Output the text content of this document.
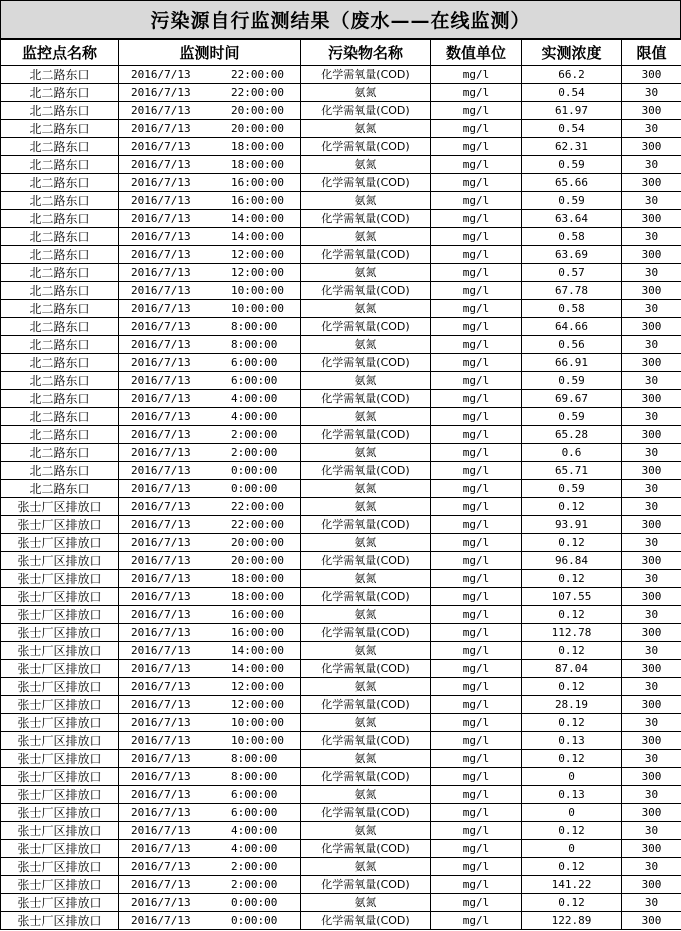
污染源自行监测结果（废水——在线监测）
监控点名称	监测时间	污染物名称	数值单位	实测浓度	限值
北二路东口	2016/7/13 22:00:00	化学需氧量(COD)	mg/l	66.2	300
北二路东口	2016/7/13 22:00:00	氨氮	mg/l	0.54	30
北二路东口	2016/7/13 20:00:00	化学需氧量(COD)	mg/l	61.97	300
北二路东口	2016/7/13 20:00:00	氨氮	mg/l	0.54	30
北二路东口	2016/7/13 18:00:00	化学需氧量(COD)	mg/l	62.31	300
北二路东口	2016/7/13 18:00:00	氨氮	mg/l	0.59	30
北二路东口	2016/7/13 16:00:00	化学需氧量(COD)	mg/l	65.66	300
北二路东口	2016/7/13 16:00:00	氨氮	mg/l	0.59	30
北二路东口	2016/7/13 14:00:00	化学需氧量(COD)	mg/l	63.64	300
北二路东口	2016/7/13 14:00:00	氨氮	mg/l	0.58	30
北二路东口	2016/7/13 12:00:00	化学需氧量(COD)	mg/l	63.69	300
北二路东口	2016/7/13 12:00:00	氨氮	mg/l	0.57	30
北二路东口	2016/7/13 10:00:00	化学需氧量(COD)	mg/l	67.78	300
北二路东口	2016/7/13 10:00:00	氨氮	mg/l	0.58	30
北二路东口	2016/7/13 8:00:00	化学需氧量(COD)	mg/l	64.66	300
北二路东口	2016/7/13 8:00:00	氨氮	mg/l	0.56	30
北二路东口	2016/7/13 6:00:00	化学需氧量(COD)	mg/l	66.91	300
北二路东口	2016/7/13 6:00:00	氨氮	mg/l	0.59	30
北二路东口	2016/7/13 4:00:00	化学需氧量(COD)	mg/l	69.67	300
北二路东口	2016/7/13 4:00:00	氨氮	mg/l	0.59	30
北二路东口	2016/7/13 2:00:00	化学需氧量(COD)	mg/l	65.28	300
北二路东口	2016/7/13 2:00:00	氨氮	mg/l	0.6	30
北二路东口	2016/7/13 0:00:00	化学需氧量(COD)	mg/l	65.71	300
北二路东口	2016/7/13 0:00:00	氨氮	mg/l	0.59	30
张士厂区排放口	2016/7/13 22:00:00	氨氮	mg/l	0.12	30
张士厂区排放口	2016/7/13 22:00:00	化学需氧量(COD)	mg/l	93.91	300
张士厂区排放口	2016/7/13 20:00:00	氨氮	mg/l	0.12	30
张士厂区排放口	2016/7/13 20:00:00	化学需氧量(COD)	mg/l	96.84	300
张士厂区排放口	2016/7/13 18:00:00	氨氮	mg/l	0.12	30
张士厂区排放口	2016/7/13 18:00:00	化学需氧量(COD)	mg/l	107.55	300
张士厂区排放口	2016/7/13 16:00:00	氨氮	mg/l	0.12	30
张士厂区排放口	2016/7/13 16:00:00	化学需氧量(COD)	mg/l	112.78	300
张士厂区排放口	2016/7/13 14:00:00	氨氮	mg/l	0.12	30
张士厂区排放口	2016/7/13 14:00:00	化学需氧量(COD)	mg/l	87.04	300
张士厂区排放口	2016/7/13 12:00:00	氨氮	mg/l	0.12	30
张士厂区排放口	2016/7/13 12:00:00	化学需氧量(COD)	mg/l	28.19	300
张士厂区排放口	2016/7/13 10:00:00	氨氮	mg/l	0.12	30
张士厂区排放口	2016/7/13 10:00:00	化学需氧量(COD)	mg/l	0.13	300
张士厂区排放口	2016/7/13 8:00:00	氨氮	mg/l	0.12	30
张士厂区排放口	2016/7/13 8:00:00	化学需氧量(COD)	mg/l	0	300
张士厂区排放口	2016/7/13 6:00:00	氨氮	mg/l	0.13	30
张士厂区排放口	2016/7/13 6:00:00	化学需氧量(COD)	mg/l	0	300
张士厂区排放口	2016/7/13 4:00:00	氨氮	mg/l	0.12	30
张士厂区排放口	2016/7/13 4:00:00	化学需氧量(COD)	mg/l	0	300
张士厂区排放口	2016/7/13 2:00:00	氨氮	mg/l	0.12	30
张士厂区排放口	2016/7/13 2:00:00	化学需氧量(COD)	mg/l	141.22	300
张士厂区排放口	2016/7/13 0:00:00	氨氮	mg/l	0.12	30
张士厂区排放口	2016/7/13 0:00:00	化学需氧量(COD)	mg/l	122.89	300
